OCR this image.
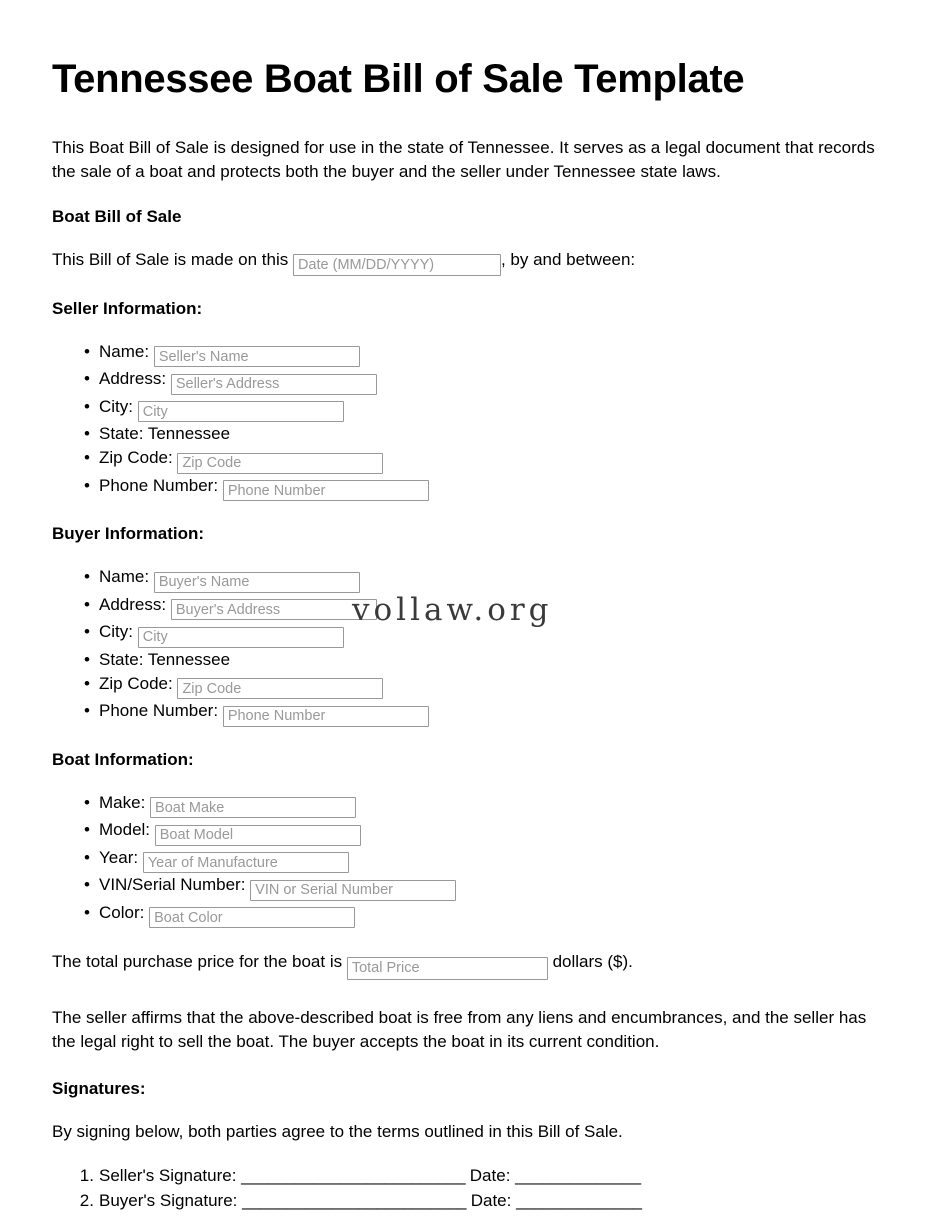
Tennessee Boat Bill of Sale Template

This Boat Bill of Sale is designed for use in the state of Tennessee. It serves as a legal document that records the sale of a boat and protects both the buyer and the seller under Tennessee state laws.

Boat Bill of Sale

This Bill of Sale is made on this Date (MM/DD/YYYY)	, by and between:

Seller Information:
• Name: Seller's Name
• Address: Seller's Address
• City: City
• State: Tennessee
• Zip Code: Zip Code
• Phone Number: Phone Number
Buyer Information:
• Name: Buyer's Name
• Address: Buyer's Address
• City: City
• State: Tennessee
• Zip Code: Zip Code
• Phone Number: Phone Number
Boat Information:
• Make: Boat Make
• Model: Boat Model
• Year: Year of Manufacture
• VIN/Serial Number: VIN or Serial Number
• Color: Boat Color

The total purchase price for the boat is Total Price	dollars ($).

The seller affirms that the above-described boat is free from any liens and encumbrances, and the seller has the legal right to sell the boat. The buyer accepts the boat in its current condition.

Signatures:

By signing below, both parties agree to the terms outlined in this Bill of Sale.

Seller's Signature: _________________________ Date: ______________
Buyer's Signature: _________________________ Date: ______________
vollaw.org
